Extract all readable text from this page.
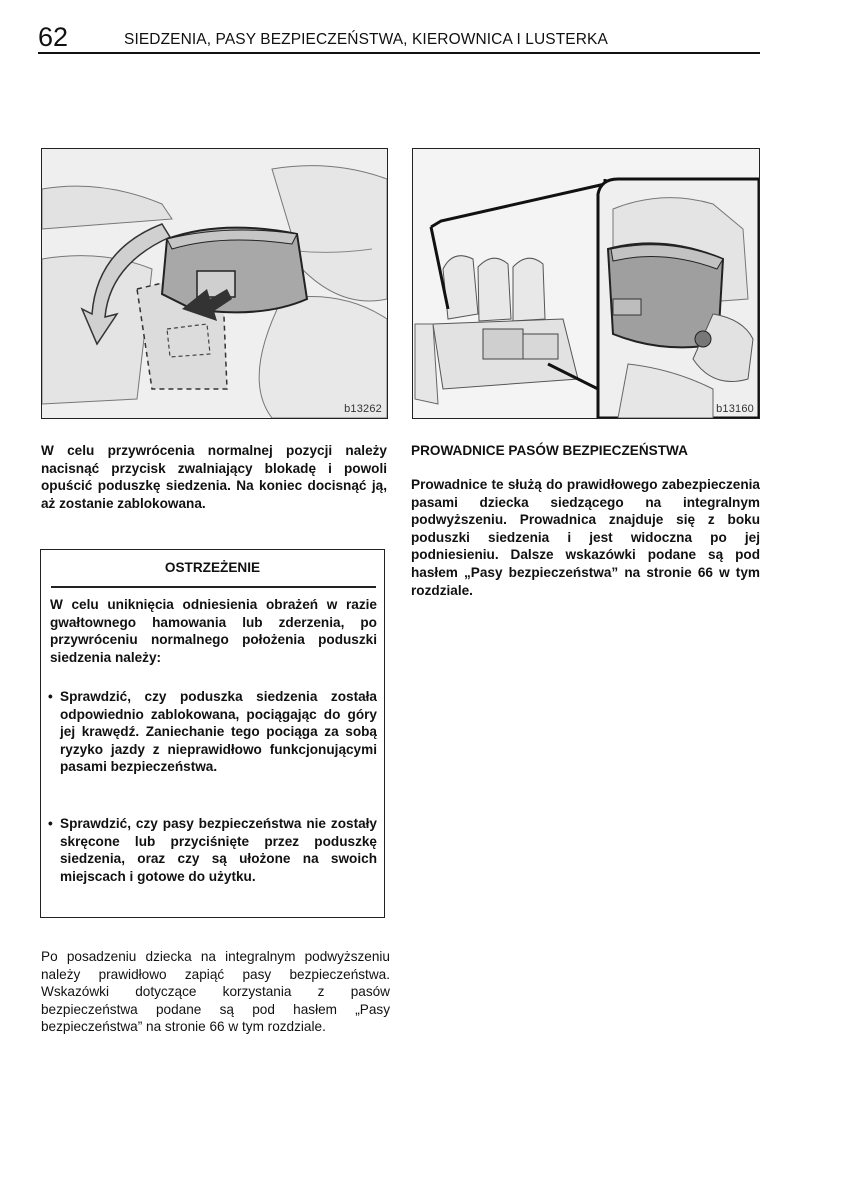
62	SIEDZENIA, PASY BEZPIECZEŃSTWA, KIEROWNICA I LUSTERKA
b13262	b13160
W celu przywrócenia normalnej pozycji należy nacisnąć przycisk zwalniający blokadę i powoli opuścić poduszkę siedzenia. Na koniec docisnąć ją, aż zostanie zablokowana.
OSTRZEŻENIE
W celu uniknięcia odniesienia obrażeń w razie gwałtownego hamowania lub zderzenia, po przywróceniu normalnego położenia poduszki siedzenia należy:
• Sprawdzić, czy poduszka siedzenia została odpowiednio zablokowana, pociągając do góry jej krawędź. Zaniechanie tego pociąga za sobą ryzyko jazdy z nieprawidłowo funkcjonującymi pasami bezpieczeństwa.
• Sprawdzić, czy pasy bezpieczeństwa nie zostały skręcone lub przyciśnięte przez poduszkę siedzenia, oraz czy są ułożone na swoich miejscach i gotowe do użytku.
Po posadzeniu dziecka na integralnym podwyższeniu należy prawidłowo zapiąć pasy bezpieczeństwa. Wskazówki dotyczące korzystania z pasów bezpieczeństwa podane są pod hasłem „Pasy bezpieczeństwa” na stronie 66 w tym rozdziale.
PROWADNICE PASÓW BEZPIECZEŃSTWA
Prowadnice te służą do prawidłowego zabezpieczenia pasami dziecka siedzącego na integralnym podwyższeniu. Prowadnica znajduje się z boku poduszki siedzenia i jest widoczna po jej podniesieniu. Dalsze wskazówki podane są pod hasłem „Pasy bezpieczeństwa” na stronie 66 w tym rozdziale.
